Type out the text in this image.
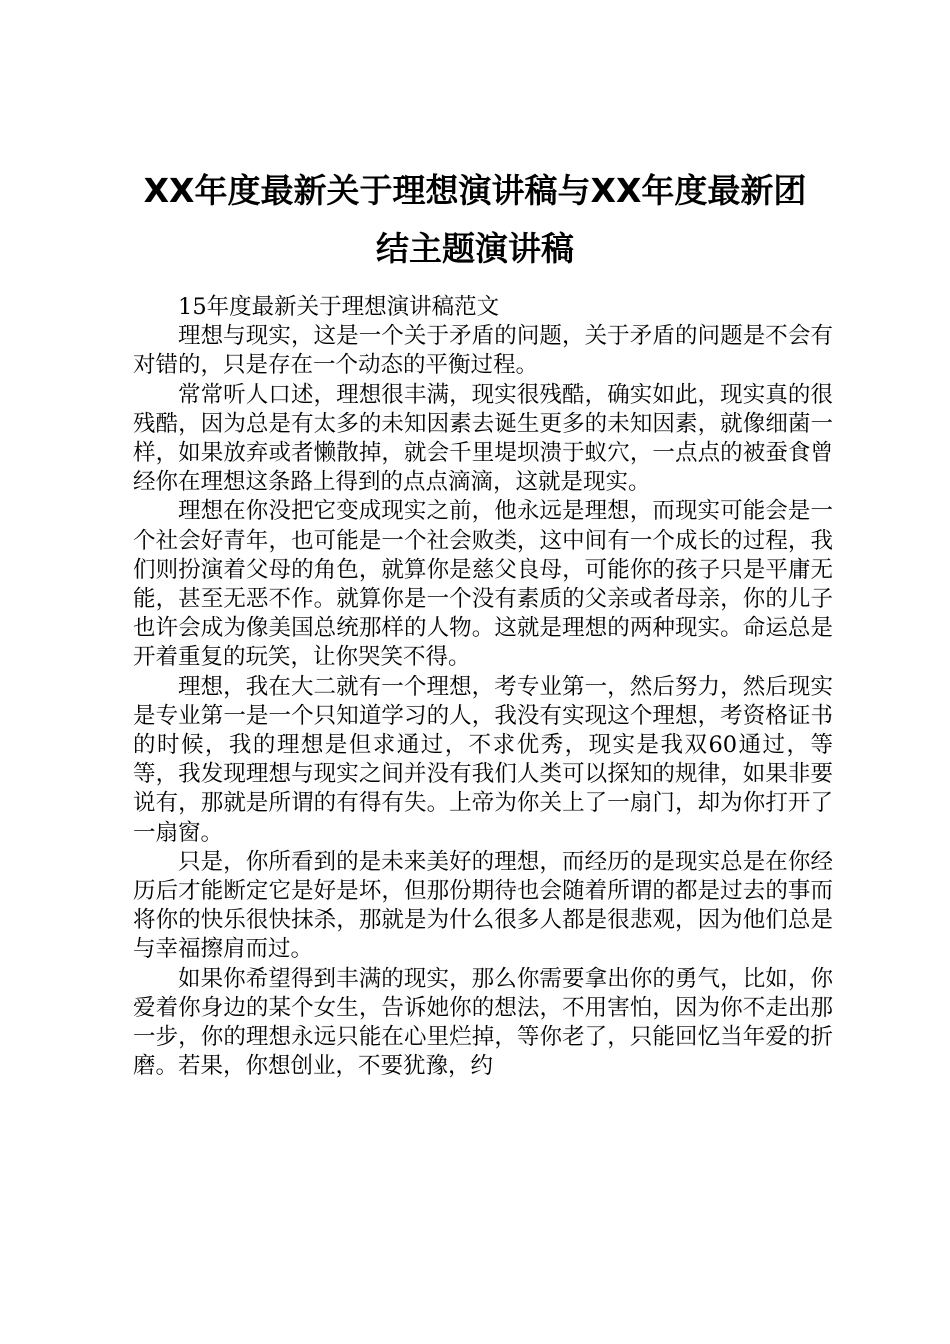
XX年度最新关于理想演讲稿与XX年度最新团
结主题演讲稿

15年度最新关于理想演讲稿范文

理想与现实，这是一个关于矛盾的问题，关于矛盾的问题是不会有对错的，只是存在一个动态的平衡过程。

常常听人口述，理想很丰满，现实很残酷，确实如此，现实真的很残酷，因为总是有太多的未知因素去诞生更多的未知因素，就像细菌一样，如果放弃或者懒散掉，就会千里堤坝溃于蚁穴，一点点的被蚕食曾经你在理想这条路上得到的点点滴滴，这就是现实。

理想在你没把它变成现实之前，他永远是理想，而现实可能会是一个社会好青年，也可能是一个社会败类，这中间有一个成长的过程，我们则扮演着父母的角色，就算你是慈父良母，可能你的孩子只是平庸无能，甚至无恶不作。就算你是一个没有素质的父亲或者母亲，你的儿子也许会成为像美国总统那样的人物。这就是理想的两种现实。命运总是开着重复的玩笑，让你哭笑不得。

理想，我在大二就有一个理想，考专业第一，然后努力，然后现实是专业第一是一个只知道学习的人，我没有实现这个理想，考资格证书的时候，我的理想是但求通过，不求优秀，现实是我双60通过，等等，我发现理想与现实之间并没有我们人类可以探知的规律，如果非要说有，那就是所谓的有得有失。上帝为你关上了一扇门，却为你打开了一扇窗。

只是，你所看到的是未来美好的理想，而经历的是现实总是在你经历后才能断定它是好是坏，但那份期待也会随着所谓的都是过去的事而将你的快乐很快抹杀，那就是为什么很多人都是很悲观，因为他们总是与幸福擦肩而过。

如果你希望得到丰满的现实，那么你需要拿出你的勇气，比如，你爱着你身边的某个女生，告诉她你的想法，不用害怕，因为你不走出那一步，你的理想永远只能在心里烂掉，等你老了，只能回忆当年爱的折磨。若果，你想创业，不要犹豫，约
